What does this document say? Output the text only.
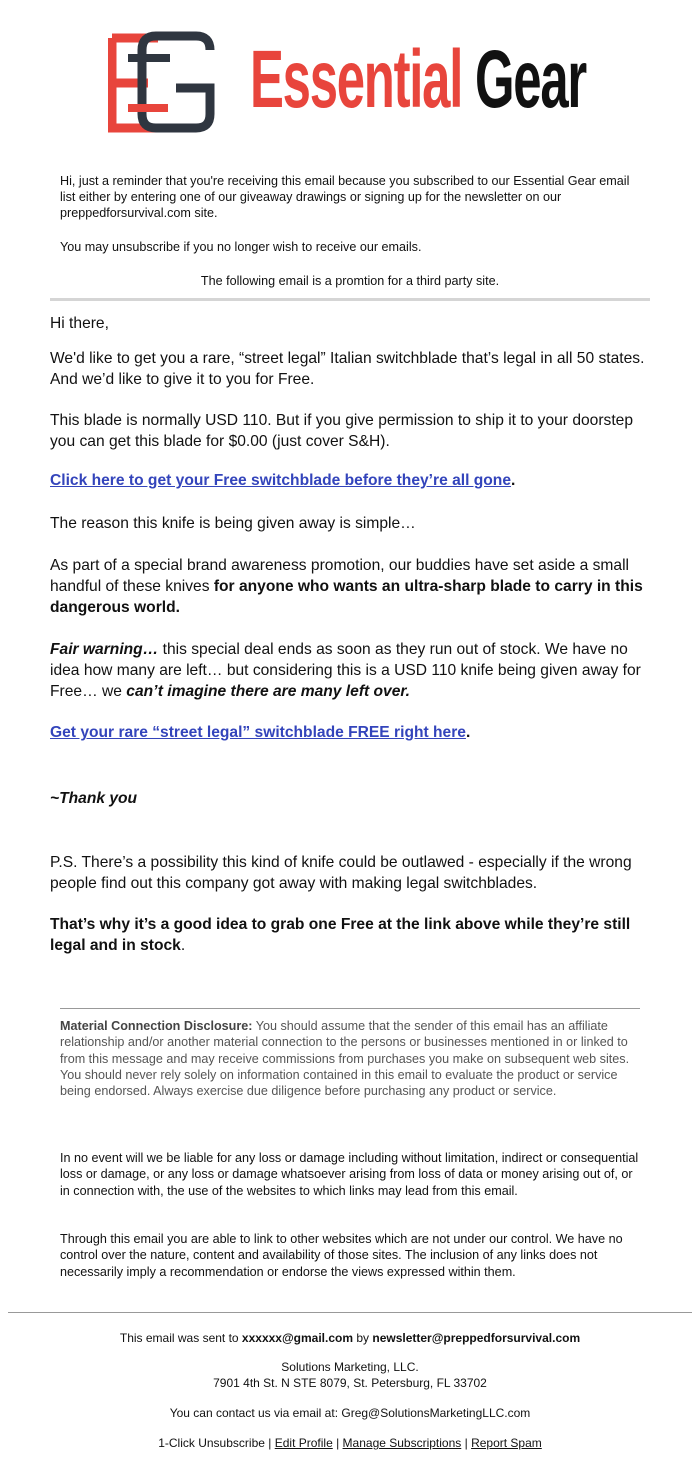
Essential Gear
Hi, just a reminder that you're receiving this email because you subscribed to our Essential Gear email list either by entering one of our giveaway drawings or signing up for the newsletter on our preppedforsurvival.com site.
You may unsubscribe if you no longer wish to receive our emails.
The following email is a promtion for a third party site.
Hi there,
We'd like to get you a rare, “street legal” Italian switchblade that’s legal in all 50 states. And we’d like to give it to you for Free.
This blade is normally USD 110. But if you give permission to ship it to your doorstep you can get this blade for $0.00 (just cover S&H).
Click here to get your Free switchblade before they’re all gone.
The reason this knife is being given away is simple…
As part of a special brand awareness promotion, our buddies have set aside a small handful of these knives for anyone who wants an ultra-sharp blade to carry in this dangerous world.
Fair warning… this special deal ends as soon as they run out of stock. We have no idea how many are left… but considering this is a USD 110 knife being given away for Free… we can’t imagine there are many left over.
Get your rare “street legal” switchblade FREE right here.
~Thank you
P.S. There’s a possibility this kind of knife could be outlawed - especially if the wrong people find out this company got away with making legal switchblades.
That’s why it’s a good idea to grab one Free at the link above while they’re still legal and in stock.
Material Connection Disclosure: You should assume that the sender of this email has an affiliate relationship and/or another material connection to the persons or businesses mentioned in or linked to from this message and may receive commissions from purchases you make on subsequent web sites. You should never rely solely on information contained in this email to evaluate the product or service being endorsed. Always exercise due diligence before purchasing any product or service.
In no event will we be liable for any loss or damage including without limitation, indirect or consequential loss or damage, or any loss or damage whatsoever arising from loss of data or money arising out of, or in connection with, the use of the websites to which links may lead from this email.
Through this email you are able to link to other websites which are not under our control. We have no control over the nature, content and availability of those sites. The inclusion of any links does not necessarily imply a recommendation or endorse the views expressed within them.
This email was sent to xxxxxx@gmail.com by newsletter@preppedforsurvival.com
Solutions Marketing, LLC.
7901 4th St. N STE 8079, St. Petersburg, FL 33702
You can contact us via email at: Greg@SolutionsMarketingLLC.com
1-Click Unsubscribe | Edit Profile | Manage Subscriptions | Report Spam
